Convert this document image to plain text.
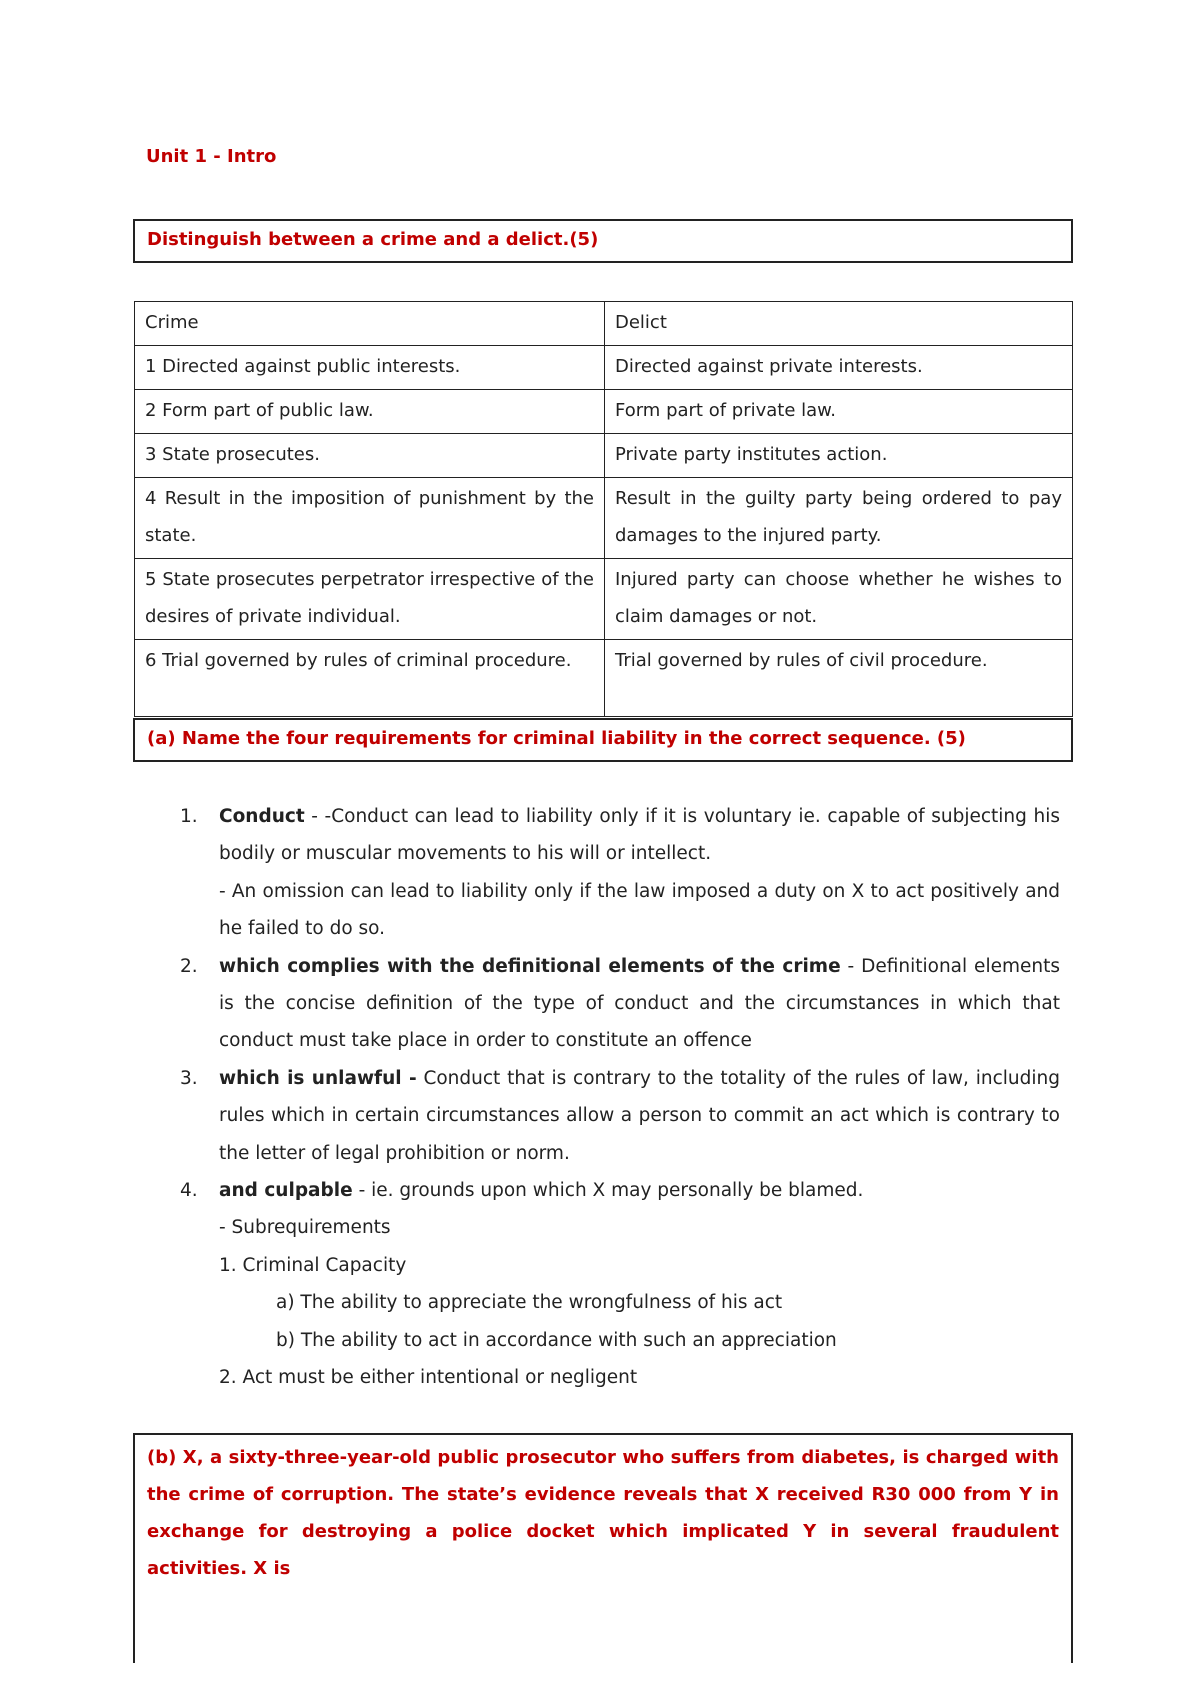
Unit 1 - Intro
Distinguish between a crime and a delict.(5)
Crime	Delict
1 Directed against public interests.	Directed against private interests.
2 Form part of public law.	Form part of private law.
3 State prosecutes.	Private party institutes action.
4 Result in the imposition of punishment by the state.	Result in the guilty party being ordered to pay damages to the injured party.
5 State prosecutes perpetrator irrespective of the desires of private individual.	Injured party can choose whether he wishes to claim damages or not.
6 Trial governed by rules of criminal procedure.	Trial governed by rules of civil procedure.
(a) Name the four requirements for criminal liability in the correct sequence. (5)
1. Conduct - -Conduct can lead to liability only if it is voluntary ie. capable of subjecting his bodily or muscular movements to his will or intellect.
- An omission can lead to liability only if the law imposed a duty on X to act positively and he failed to do so.
2. which complies with the definitional elements of the crime - Definitional elements is the concise definition of the type of conduct and the circumstances in which that conduct must take place in order to constitute an offence
3. which is unlawful - Conduct that is contrary to the totality of the rules of law, including rules which in certain circumstances allow a person to commit an act which is contrary to the letter of legal prohibition or norm.
4. and culpable - ie. grounds upon which X may personally be blamed.
- Subrequirements
1. Criminal Capacity
a) The ability to appreciate the wrongfulness of his act
b) The ability to act in accordance with such an appreciation
2. Act must be either intentional or negligent
(b) X, a sixty-three-year-old public prosecutor who suffers from diabetes, is charged with the crime of corruption. The state’s evidence reveals that X received R30 000 from Y in exchange for destroying a police docket which implicated Y in several fraudulent activities. X is
